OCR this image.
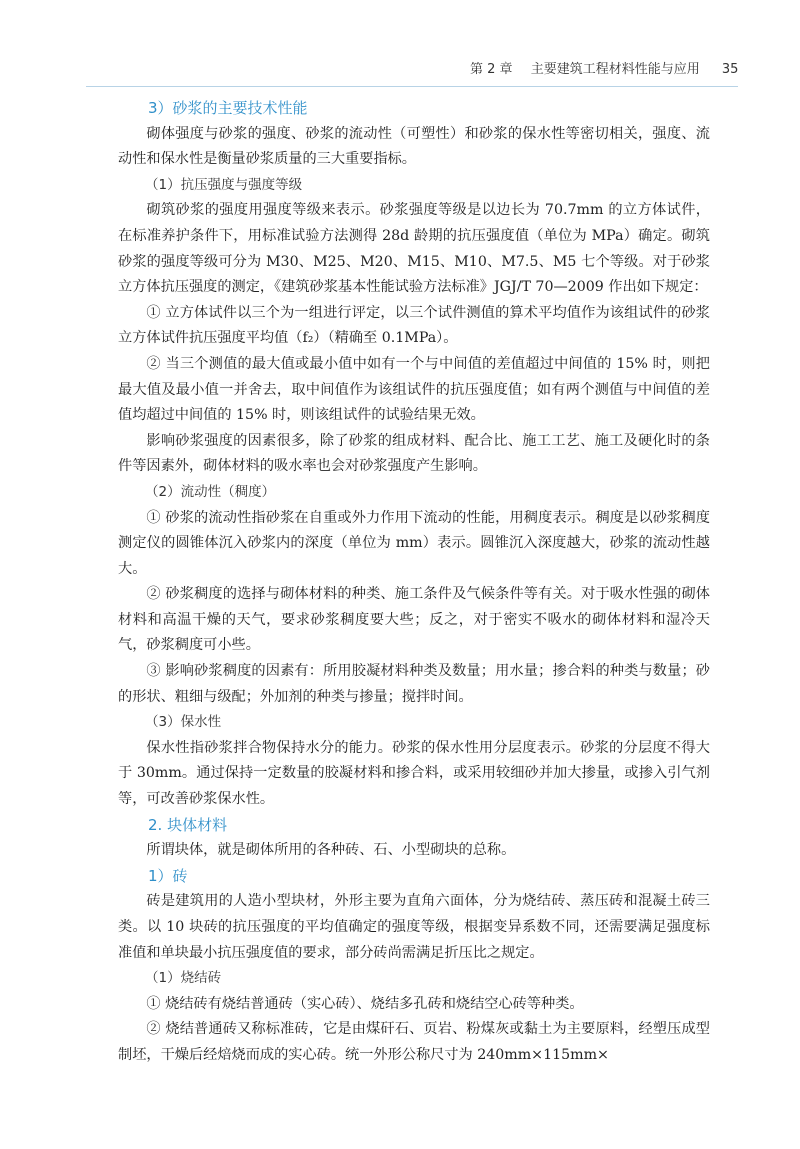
第 2 章 主要建筑工程材料性能与应用 35

3）砂浆的主要技术性能

砌体强度与砂浆的强度、砂浆的流动性（可塑性）和砂浆的保水性等密切相关，强度、流动性和保水性是衡量砂浆质量的三大重要指标。

（1）抗压强度与强度等级

砌筑砂浆的强度用强度等级来表示。砂浆强度等级是以边长为 70.7mm 的立方体试件，在标准养护条件下，用标准试验方法测得 28d 龄期的抗压强度值（单位为 MPa）确定。砌筑砂浆的强度等级可分为 M30、M25、M20、M15、M10、M7.5、M5 七个等级。对于砂浆立方体抗压强度的测定，《建筑砂浆基本性能试验方法标准》JGJ/T 70—2009 作出如下规定：

① 立方体试件以三个为一组进行评定，以三个试件测值的算术平均值作为该组试件的砂浆立方体试件抗压强度平均值（f₂）（精确至 0.1MPa）。

② 当三个测值的最大值或最小值中如有一个与中间值的差值超过中间值的 15% 时，则把最大值及最小值一并舍去，取中间值作为该组试件的抗压强度值；如有两个测值与中间值的差值均超过中间值的 15% 时，则该组试件的试验结果无效。

影响砂浆强度的因素很多，除了砂浆的组成材料、配合比、施工工艺、施工及硬化时的条件等因素外，砌体材料的吸水率也会对砂浆强度产生影响。

（2）流动性（稠度）

① 砂浆的流动性指砂浆在自重或外力作用下流动的性能，用稠度表示。稠度是以砂浆稠度测定仪的圆锥体沉入砂浆内的深度（单位为 mm）表示。圆锥沉入深度越大，砂浆的流动性越大。

② 砂浆稠度的选择与砌体材料的种类、施工条件及气候条件等有关。对于吸水性强的砌体材料和高温干燥的天气，要求砂浆稠度要大些；反之，对于密实不吸水的砌体材料和湿冷天气，砂浆稠度可小些。

③ 影响砂浆稠度的因素有：所用胶凝材料种类及数量；用水量；掺合料的种类与数量；砂的形状、粗细与级配；外加剂的种类与掺量；搅拌时间。

（3）保水性

保水性指砂浆拌合物保持水分的能力。砂浆的保水性用分层度表示。砂浆的分层度不得大于 30mm。通过保持一定数量的胶凝材料和掺合料，或采用较细砂并加大掺量，或掺入引气剂等，可改善砂浆保水性。

2. 块体材料

所谓块体，就是砌体所用的各种砖、石、小型砌块的总称。

1）砖

砖是建筑用的人造小型块材，外形主要为直角六面体，分为烧结砖、蒸压砖和混凝土砖三类。以 10 块砖的抗压强度的平均值确定的强度等级，根据变异系数不同，还需要满足强度标准值和单块最小抗压强度值的要求，部分砖尚需满足折压比之规定。

（1）烧结砖

① 烧结砖有烧结普通砖（实心砖）、烧结多孔砖和烧结空心砖等种类。

② 烧结普通砖又称标准砖，它是由煤矸石、页岩、粉煤灰或黏土为主要原料，经塑压成型制坯，干燥后经焙烧而成的实心砖。统一外形公称尺寸为 240mm×115mm×
